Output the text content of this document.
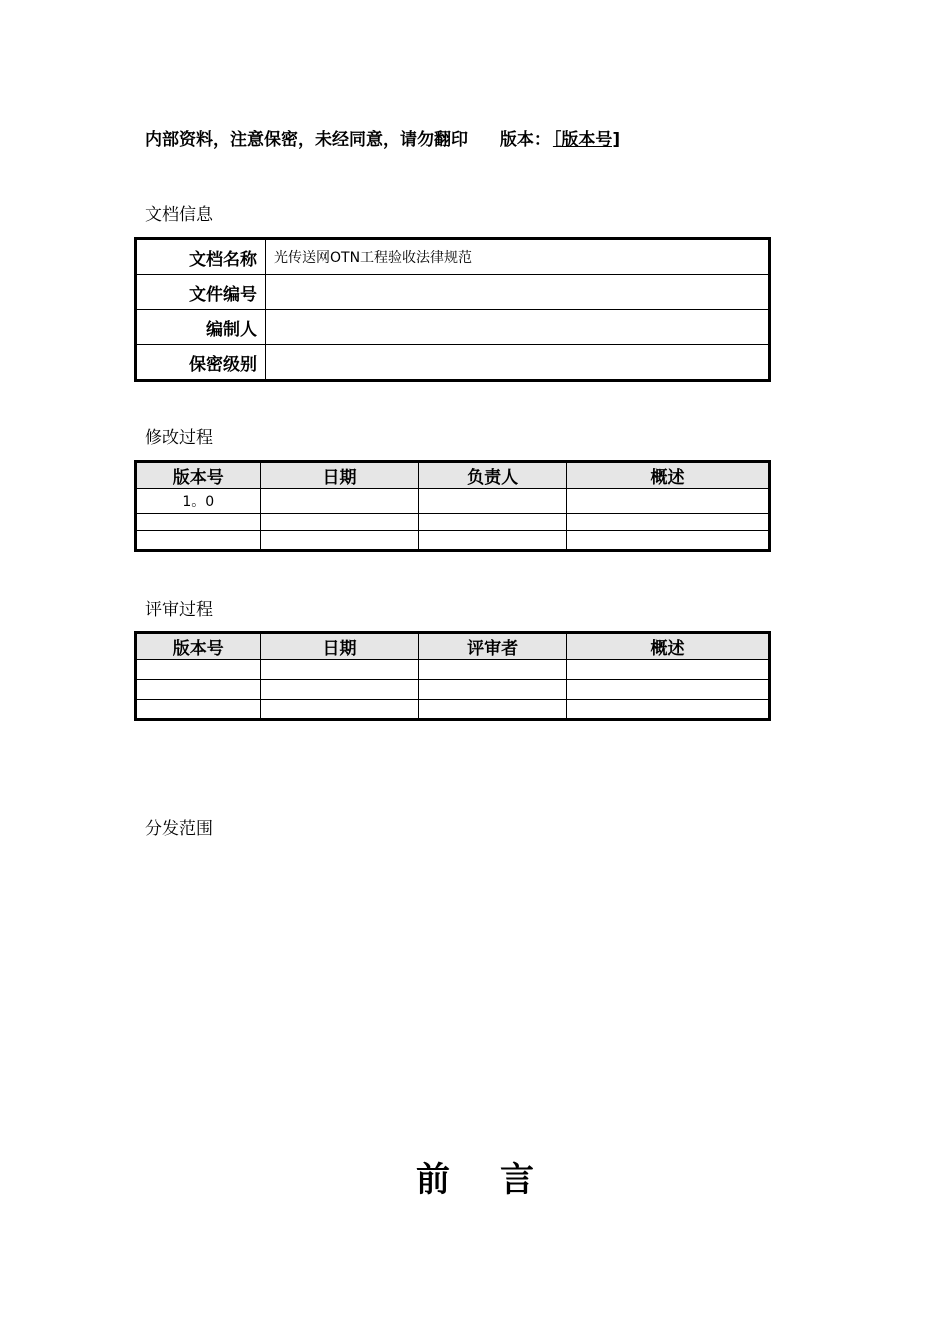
内部资料，注意保密，未经同意，请勿翻印 版本： ［版本号]
文档信息
文档名称	光传送网OTN工程验收法律规范
文件编号	
编制人	
保密级别	
修改过程
版本号	日期	负责人	概述
1。0			

评审过程
版本号	日期	评审者	概述

分发范围
前言
